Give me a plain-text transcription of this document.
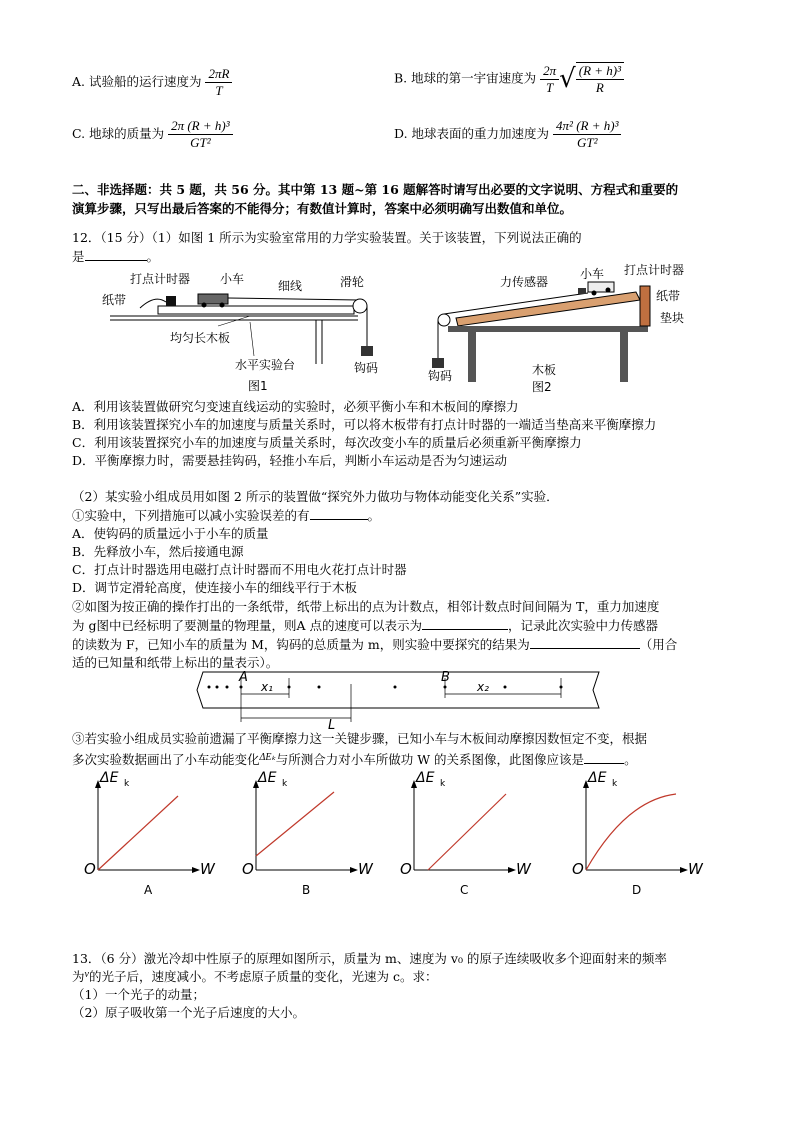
A. 试验船的运行速度为 $\frac{2\pi R}{T}$	B. 地球的第一宇宙速度为 $\frac{2\pi}{T}$ √ $\frac{\text{(R + h)³}}{R}$
C. 地球的质量为 $\frac{\text{2π (R + h)³}}{\text{GT²}}$	D. 地球表面的重力加速度为 $\frac{\text{4π² (R + h)³}}{\text{GT²}}$
二、非选择题：共 5 题，共 56 分。其中第 13 题~第 16 题解答时请写出必要的文字说明、方程式和重要的
演算步骤，只写出最后答案的不能得分；有数值计算时，答案中必须明确写出数值和单位。
12．（15 分）（1）如图 1 所示为实验室常用的力学实验装置。关于该装置，下列说法正确的
是	。
打点计时器 小车	细线	滑轮
纸带
均匀长木板
水平实验台	钩码
图1
力传感器
小车 打点计时器
纸带
垫块
钩码	木板
图2
A．利用该装置做研究匀变速直线运动的实验时，必须平衡小车和木板间的摩擦力
B．利用该装置探究小车的加速度与质量关系时，可以将木板带有打点计时器的一端适当垫高来平衡摩擦力
C．利用该装置探究小车的加速度与质量关系时，每次改变小车的质量后必须重新平衡摩擦力
D．平衡摩擦力时，需要悬挂钩码，轻推小车后，判断小车运动是否为匀速运动
（2）某实验小组成员用如图 2 所示的装置做“探究外力做功与物体动能变化关系”实验．
①实验中，下列措施可以减小实验误差的有	。
A．使钩码的质量远小于小车的质量
B．先释放小车，然后接通电源
C．打点计时器选用电磁打点计时器而不用电火花打点计时器
D．调节定滑轮高度，使连接小车的细线平行于木板
②如图为按正确的操作打出的一条纸带，纸带上标出的点为计数点，相邻计数点时间间隔为 T，重力加速度
为 g图中已经标明了要测量的物理量，则A 点的速度可以表示为	，记录此次实验中力传感器
的读数为 F，已知小车的质量为 M，钩码的总质量为 m，则实验中要探究的结果为	（用合
适的已知量和纸带上标出的量表示）。
A	B
x₁	x₂
L
③若实验小组成员实验前遗漏了平衡摩擦力这一关键步骤，已知小车与木板间动摩擦因数恒定不变，根据
多次实验数据画出了小车动能变化$^{\Delta E_k}$与所测合力对小车所做功 W 的关系图像，此图像应该是	。
ΔE k
W
O
A
ΔE k
W
O
B
ΔE k
W
O
C
ΔE k
W
O
D
13．（6 分）激光冷却中性原子的原理如图所示，质量为 m、速度为 v₀ 的原子连续吸收多个迎面射来的频率
为$^\nu$的光子后，速度减小。不考虑原子质量的变化，光速为 c。求：
（1）一个光子的动量；
（2）原子吸收第一个光子后速度的大小。
